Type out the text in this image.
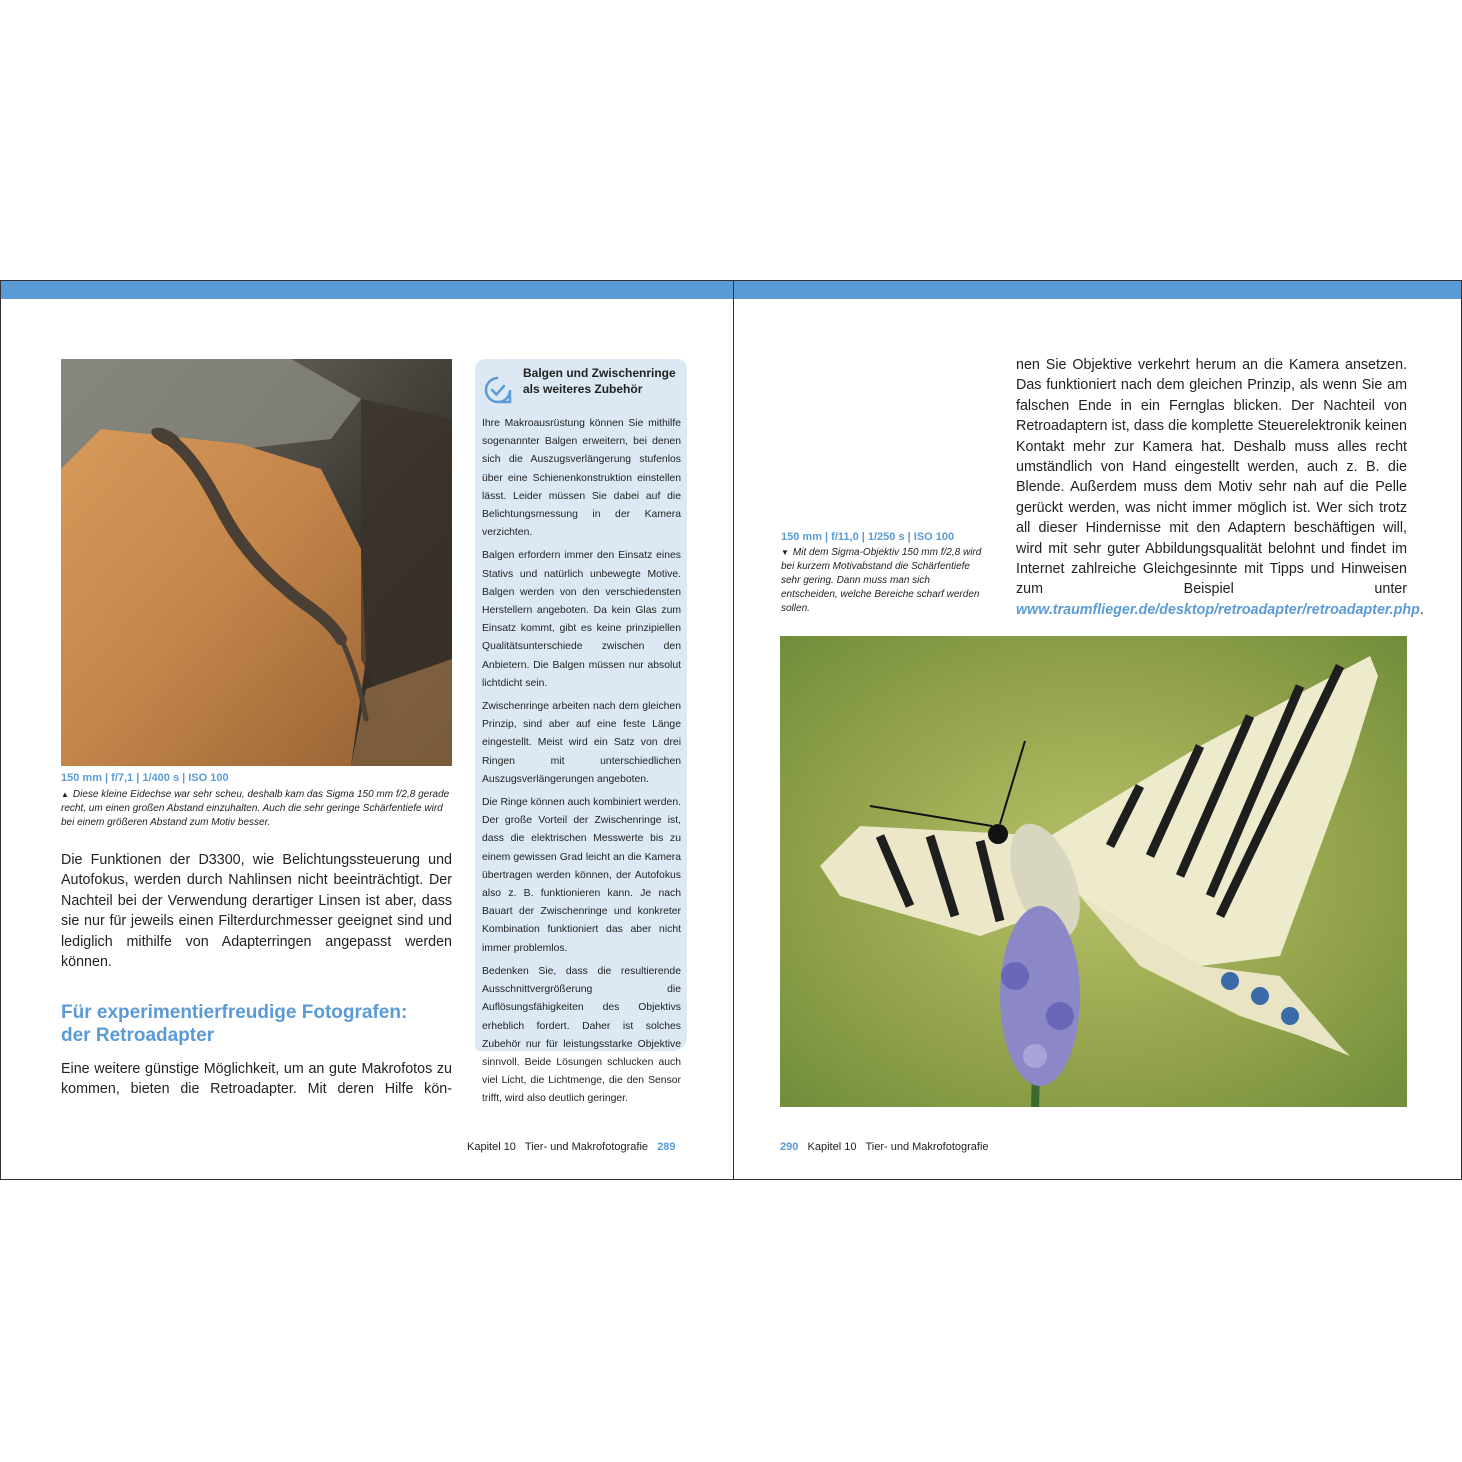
150 mm | f/7,1 | 1/400 s | ISO 100
▲ Diese kleine Eidechse war sehr scheu, deshalb kam das Sigma 150 mm f/2,8 gerade recht, um einen großen Abstand einzuhalten. Auch die sehr geringe Schärfentiefe wird bei einem größeren Abstand zum Motiv besser.

Die Funktionen der D3300, wie Belichtungssteuerung und Autofokus, werden durch Nahlinsen nicht beeinträchtigt. Der Nachteil bei der Verwendung derartiger Linsen ist aber, dass sie nur für jeweils einen Filterdurchmesser geeignet sind und lediglich mithilfe von Adapterringen angepasst werden können.

Für experimentierfreudige Fotografen:
der Retroadapter

Eine weitere günstige Möglichkeit, um an gute Makrofotos zu kommen, bieten die Retroadapter. Mit deren Hilfe kön-

Balgen und Zwischenringe als weiteres Zubehör

Ihre Makroausrüstung können Sie mithilfe sogenannter Balgen erweitern, bei denen sich die Auszugsverlängerung stufenlos über eine Schienenkonstruktion einstellen lässt. Leider müssen Sie dabei auf die Belichtungsmessung in der Kamera verzichten.

Balgen erfordern immer den Einsatz eines Stativs und natürlich unbewegte Motive. Balgen werden von den verschiedensten Herstellern angeboten. Da kein Glas zum Einsatz kommt, gibt es keine prinzipiellen Qualitätsunterschiede zwischen den Anbietern. Die Balgen müssen nur absolut lichtdicht sein.

Zwischenringe arbeiten nach dem gleichen Prinzip, sind aber auf eine feste Länge eingestellt. Meist wird ein Satz von drei Ringen mit unterschiedlichen Auszugsverlängerungen angeboten.

Die Ringe können auch kombiniert werden. Der große Vorteil der Zwischenringe ist, dass die elektrischen Messwerte bis zu einem gewissen Grad leicht an die Kamera übertragen werden können, der Autofokus also z. B. funktionieren kann. Je nach Bauart der Zwischenringe und konkreter Kombination funktioniert das aber nicht immer problemlos.

Bedenken Sie, dass die resultierende Ausschnittvergrößerung die Auflösungsfähigkeiten des Objektivs erheblich fordert. Daher ist solches Zubehör nur für leistungsstarke Objektive sinnvoll. Beide Lösungen schlucken auch viel Licht, die Lichtmenge, die den Sensor trifft, wird also deutlich geringer.

Kapitel 10 Tier- und Makrofotografie 289

nen Sie Objektive verkehrt herum an die Kamera ansetzen. Das funktioniert nach dem gleichen Prinzip, als wenn Sie am falschen Ende in ein Fernglas blicken. Der Nachteil von Retroadaptern ist, dass die komplette Steuerelektronik keinen Kontakt mehr zur Kamera hat. Deshalb muss alles recht umständlich von Hand eingestellt werden, auch z. B. die Blende. Außerdem muss dem Motiv sehr nah auf die Pelle gerückt werden, was nicht immer möglich ist. Wer sich trotz all dieser Hindernisse mit den Adaptern beschäftigen will, wird mit sehr guter Abbildungsqualität belohnt und findet im Internet zahlreiche Gleichgesinnte mit Tipps und Hinweisen zum Beispiel unter www.traumflieger.de/desktop/retroadapter/retroadapter.php.

150 mm | f/11,0 | 1/250 s | ISO 100
▼ Mit dem Sigma-Objektiv 150 mm f/2,8 wird bei kurzem Motivabstand die Schärfentiefe sehr gering. Dann muss man sich entscheiden, welche Bereiche scharf werden sollen.
290 Kapitel 10 Tier- und Makrofotografie
